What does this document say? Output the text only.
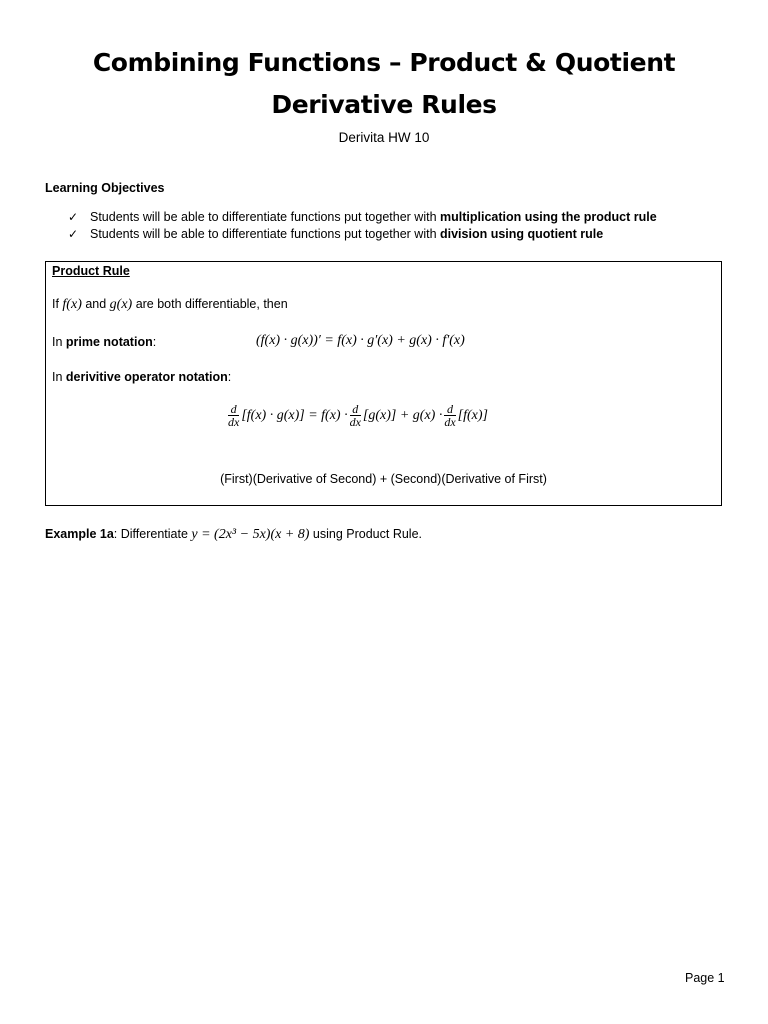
Combining Functions – Product & Quotient
Derivative Rules
Derivita HW 10
Learning Objectives
✓ Students will be able to differentiate functions put together with multiplication using the product rule
✓ Students will be able to differentiate functions put together with division using quotient rule
Product Rule
If f(x) and g(x) are both differentiable, then
In prime notation:	(f(x) · g(x))′ = f(x) · g′(x) + g(x) · f′(x)
In derivitive operator notation:
$\frac{d}{dx} [f(x) \cdot g(x)] = f(x) \cdot \frac{d}{dx} [g(x)] + g(x) \cdot \frac{d}{dx} [f(x)]$
(First)(Derivative of Second) + (Second)(Derivative of First)
Example 1a: Differentiate y = (2x³ − 5x)(x + 8) using Product Rule.
Page 1
